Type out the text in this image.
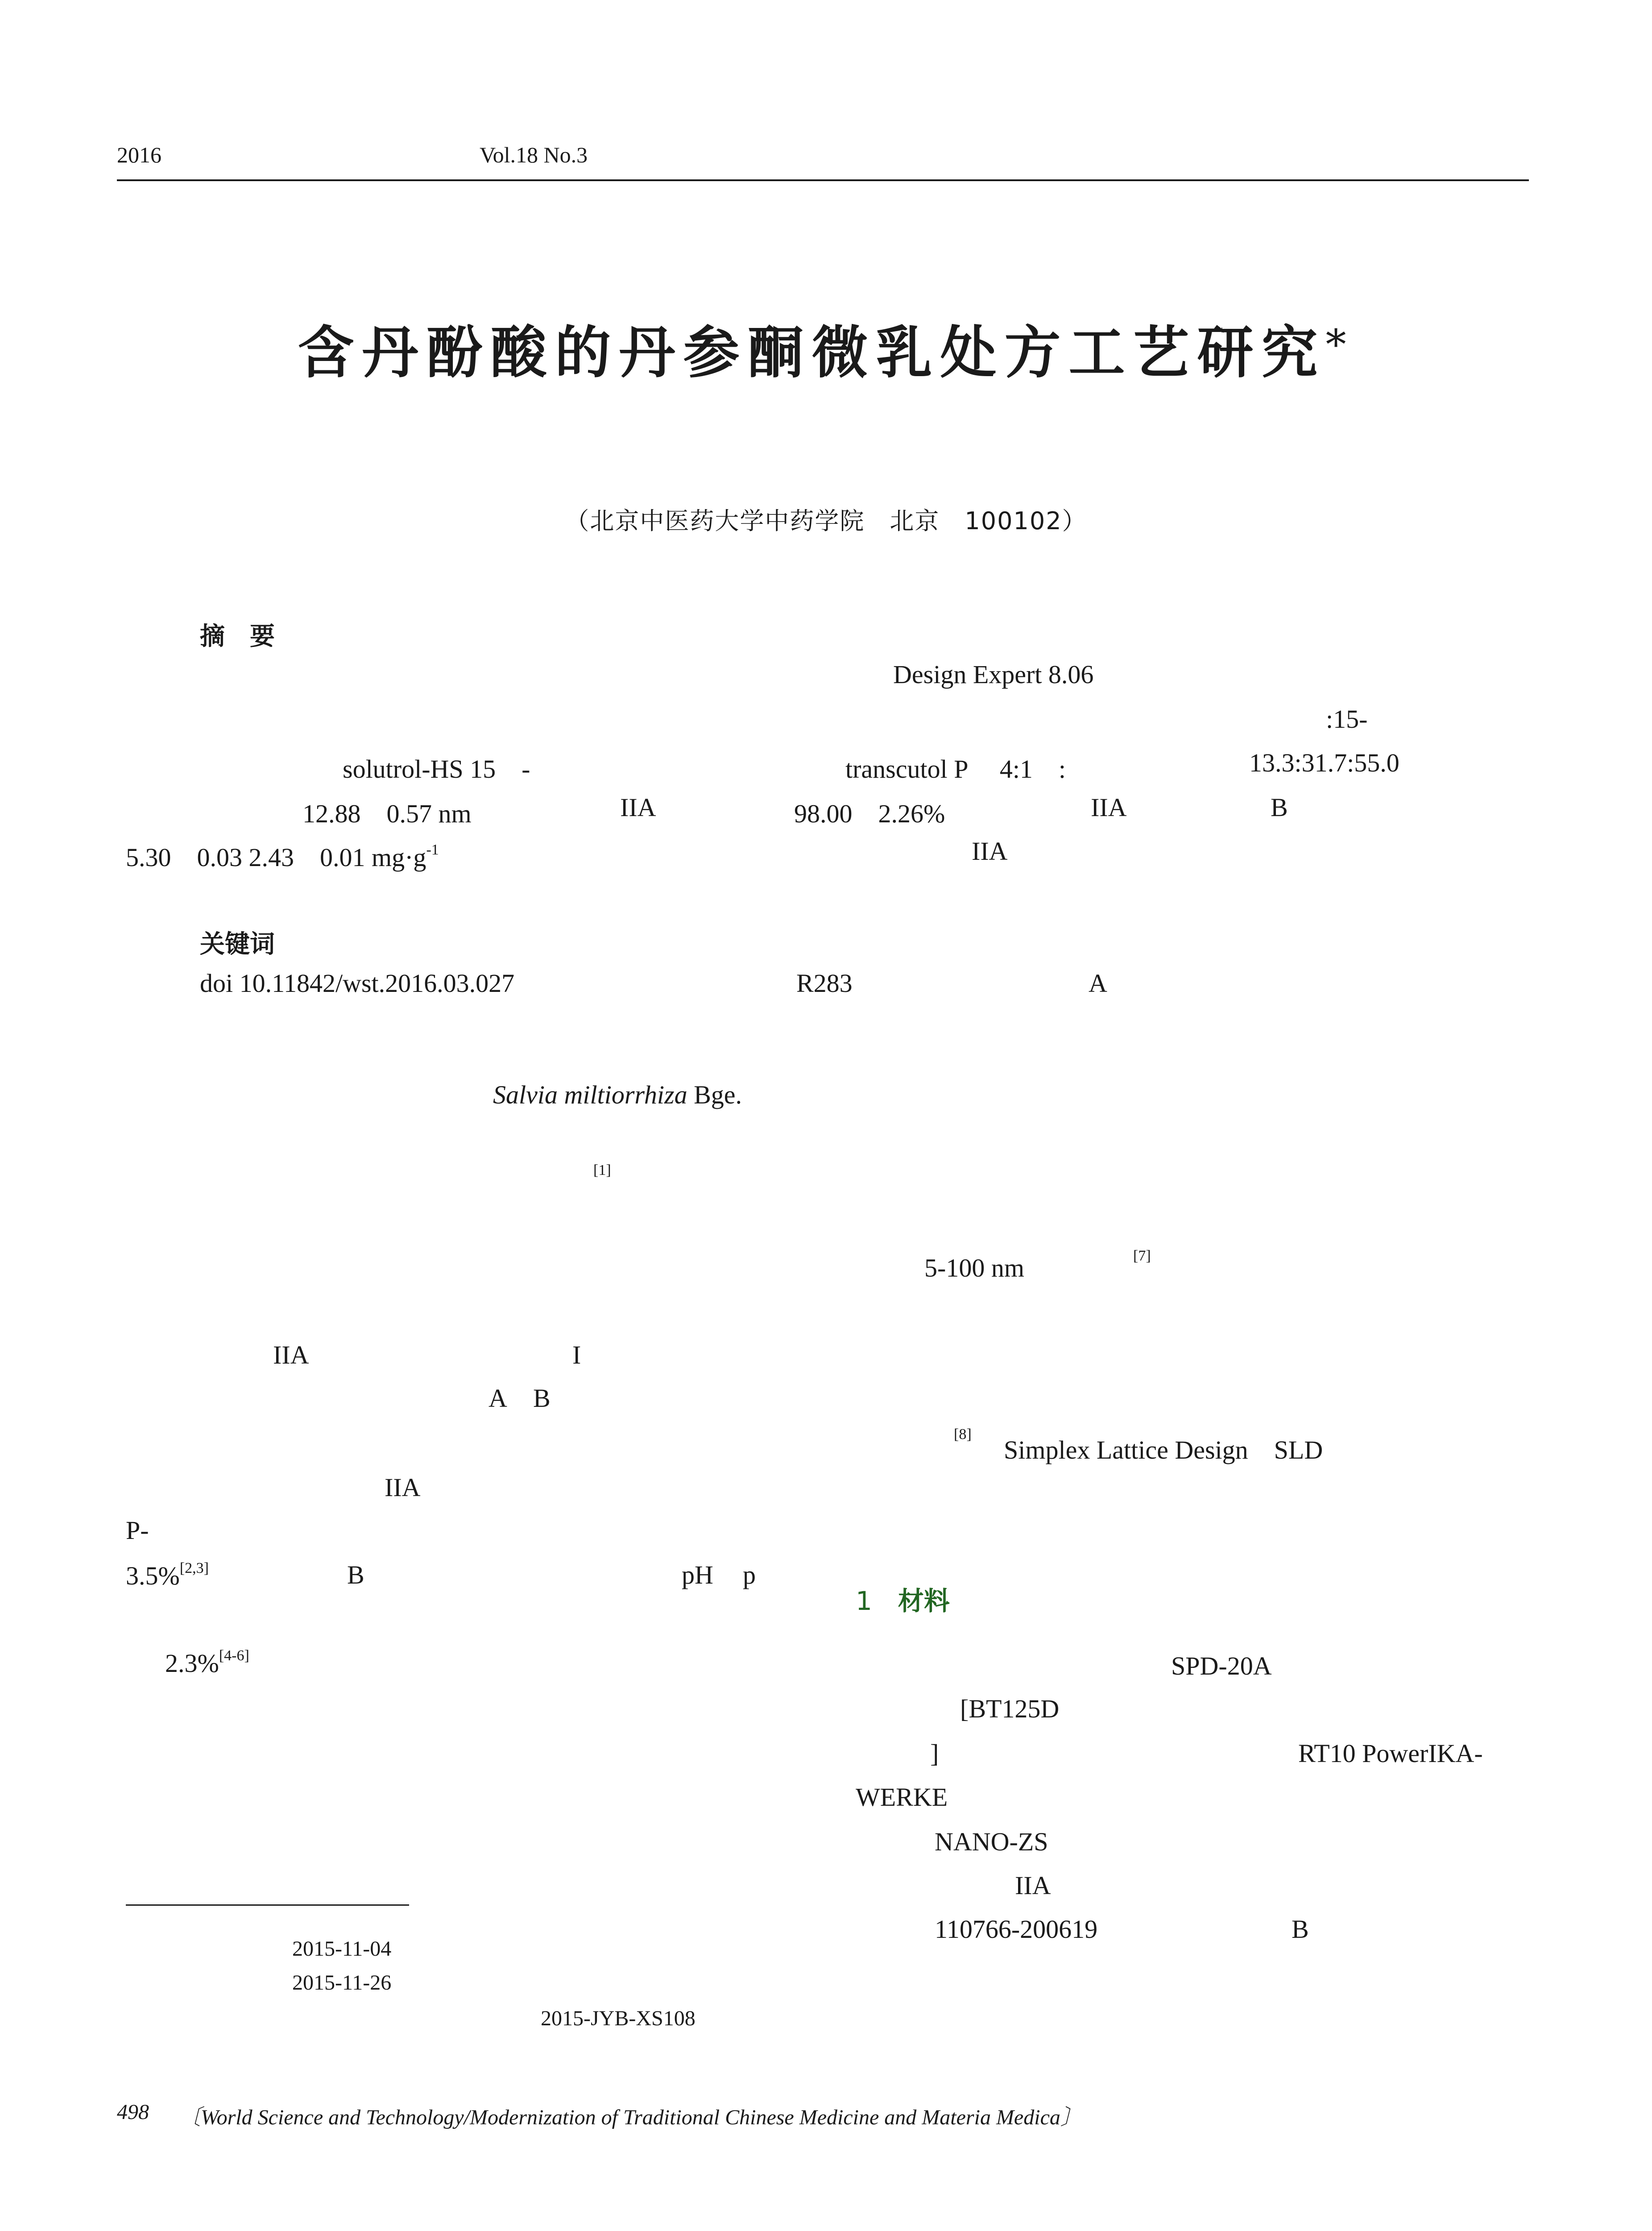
2016	Vol.18 No.3
含丹酚酸的丹参酮微乳处方工艺研究*
（北京中医药大学中药学院　北京　100102）
摘　要
Design Expert 8.06
:15-
solutrol-HS 15　-	transcutol P　 4:1　:	13.3:31.7:55.0
12.88　0.57 nm	IIA	98.00　2.26%	IIA	B
5.30　0.03 2.43　0.01 mg·g$^{-1}$	IIA
关键词
doi 10.11842/wst.2016.03.027	R283	A
Salvia miltiorrhiza Bge.
[1]
IIA	I
A B
IIA
P-
3.5%[2,3]	B	pH p
2.3%[4-6]
5-100 nm	[7]
[8]
Simplex Lattice Design　SLD
1　 材料
SPD-20A
[BT125D
]	RT10 PowerIKA-
WERKE
NANO-ZS
IIA
110766-200619	B
2015-11-04
2015-11-26
2015-JYB-XS108
498 〔World Science and Technology/Modernization of Traditional Chinese Medicine and Materia Medica〕
